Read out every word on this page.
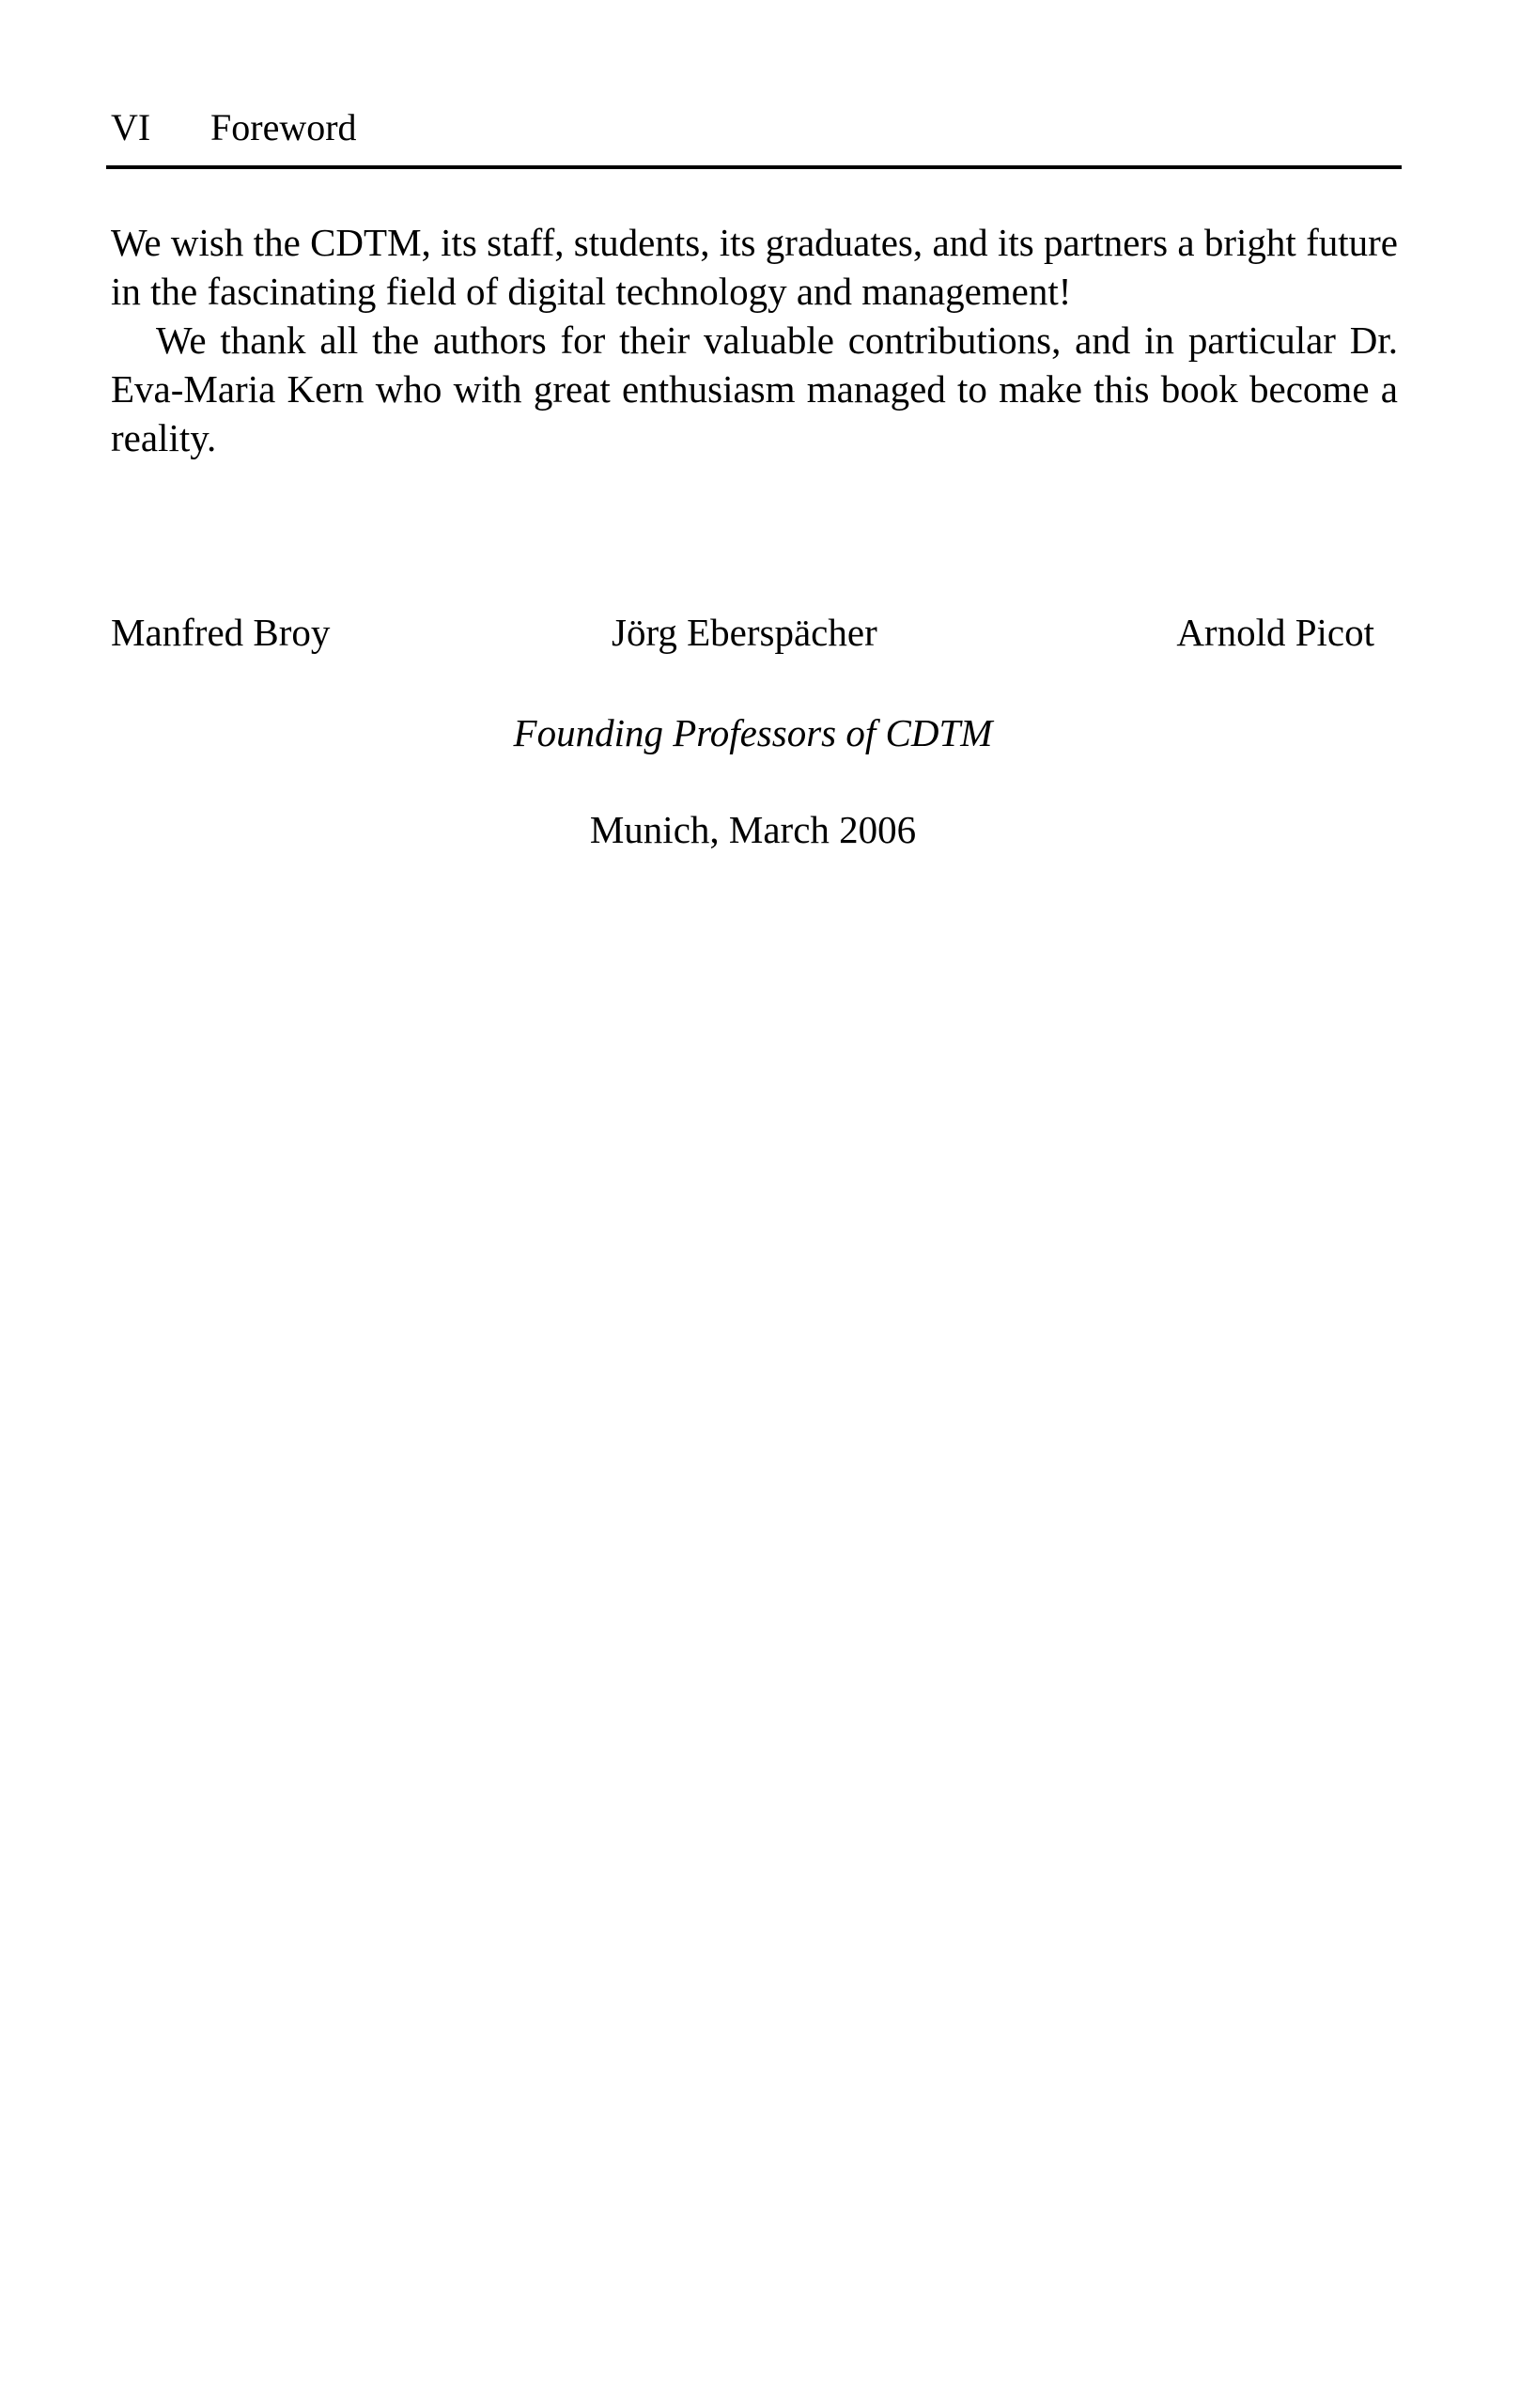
VI Foreword

We wish the CDTM, its staff, students, its graduates, and its partners a bright future in the fascinating field of digital technology and management!

We thank all the authors for their valuable contributions, and in particular Dr. Eva-Maria Kern who with great enthusiasm managed to make this book become a reality.

Manfred Broy	Jörg Eberspächer	Arnold Picot
Founding Professors of CDTM
Munich, March 2006
